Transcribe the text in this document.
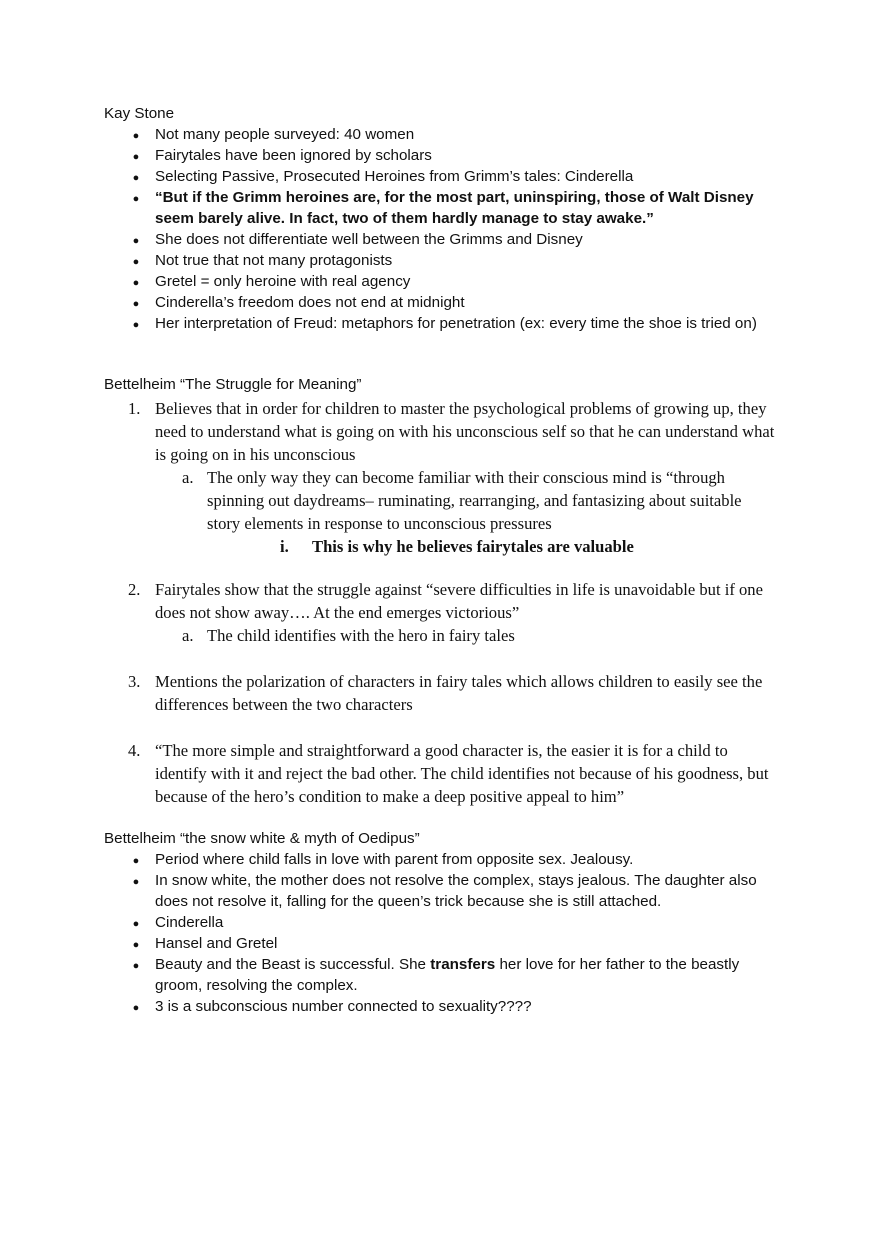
Kay Stone
●
Not many people surveyed: 40 women
●
Fairytales have been ignored by scholars
●
Selecting Passive, Prosecuted Heroines from Grimm’s tales: Cinderella
●
“But if the Grimm heroines are, for the most part, uninspiring, those of Walt Disney seem barely alive. In fact, two of them hardly manage to stay awake.”
●
She does not differentiate well between the Grimms and Disney
●
Not true that not many protagonists
●
Gretel = only heroine with real agency
●
Cinderella’s freedom does not end at midnight
●
Her interpretation of Freud: metaphors for penetration (ex: every time the shoe is tried on)
Bettelheim “The Struggle for Meaning”
1. Believes that in order for children to master the psychological problems of growing up, they need to understand what is going on with his unconscious self so that he can understand what is going on in his unconscious
a. The only way they can become familiar with their conscious mind is “through spinning out daydreams– ruminating, rearranging, and fantasizing about suitable story elements in response to unconscious pressures
i. This is why he believes fairytales are valuable
2. Fairytales show that the struggle against “severe difficulties in life is unavoidable but if one does not show away…. At the end emerges victorious”
a. The child identifies with the hero in fairy tales
3. Mentions the polarization of characters in fairy tales which allows children to easily see the differences between the two characters
4. “The more simple and straightforward a good character is, the easier it is for a child to identify with it and reject the bad other. The child identifies not because of his goodness, but because of the hero’s condition to make a deep positive appeal to him”
Bettelheim “the snow white & myth of Oedipus”
●
Period where child falls in love with parent from opposite sex. Jealousy.
●
In snow white, the mother does not resolve the complex, stays jealous. The daughter also does not resolve it, falling for the queen’s trick because she is still attached.
●
Cinderella
●
Hansel and Gretel
●
Beauty and the Beast is successful. She transfers her love for her father to the beastly groom, resolving the complex.
●
3 is a subconscious number connected to sexuality????
